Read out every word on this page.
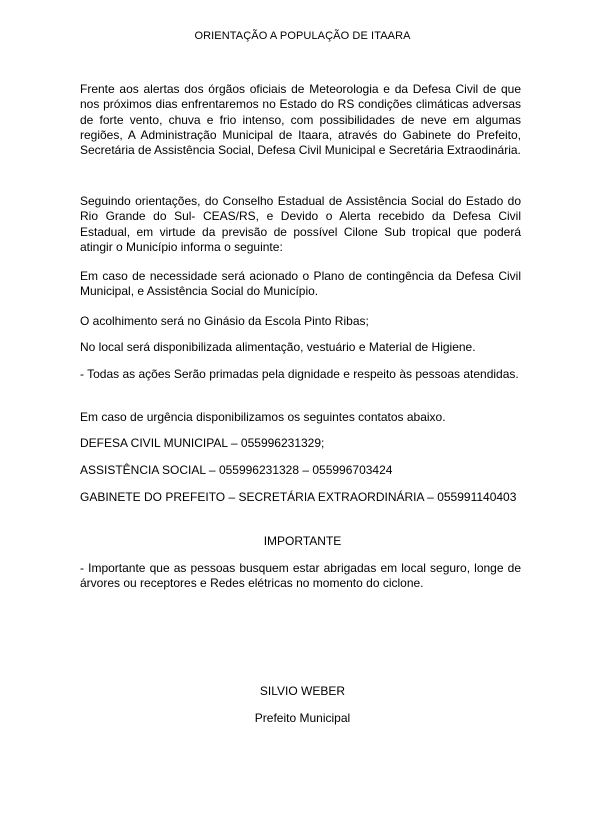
ORIENTAÇÃO A POPULAÇÃO DE ITAARA
Frente aos alertas dos órgãos oficiais de Meteorologia e da Defesa Civil de que nos próximos dias enfrentaremos no Estado do RS condições climáticas adversas de forte vento, chuva e frio intenso, com possibilidades de neve em algumas regiões, A Administração Municipal de Itaara, através do Gabinete do Prefeito, Secretária de Assistência Social, Defesa Civil Municipal e Secretária Extraodinária.
Seguindo orientações, do Conselho Estadual de Assistência Social do Estado do Rio Grande do Sul- CEAS/RS, e Devido o Alerta recebido da Defesa Civil Estadual, em virtude da previsão de possível Cilone Sub tropical que poderá atingir o Município informa o seguinte:
Em caso de necessidade será acionado o Plano de contingência da Defesa Civil Municipal, e Assistência Social do Município.
O acolhimento será no Ginásio da Escola Pinto Ribas;
No local será disponibilizada alimentação, vestuário e Material de Higiene.
- Todas as ações Serão primadas pela dignidade e respeito às pessoas atendidas.
Em caso de urgência disponibilizamos os seguintes contatos abaixo.
DEFESA CIVIL MUNICIPAL – 055996231329;
ASSISTÊNCIA SOCIAL – 055996231328 – 055996703424
GABINETE DO PREFEITO – SECRETÁRIA EXTRAORDINÁRIA – 055991140403
IMPORTANTE
- Importante que as pessoas busquem estar abrigadas em local seguro, longe de árvores ou receptores e Redes elétricas no momento do ciclone.
SILVIO WEBER
Prefeito Municipal
